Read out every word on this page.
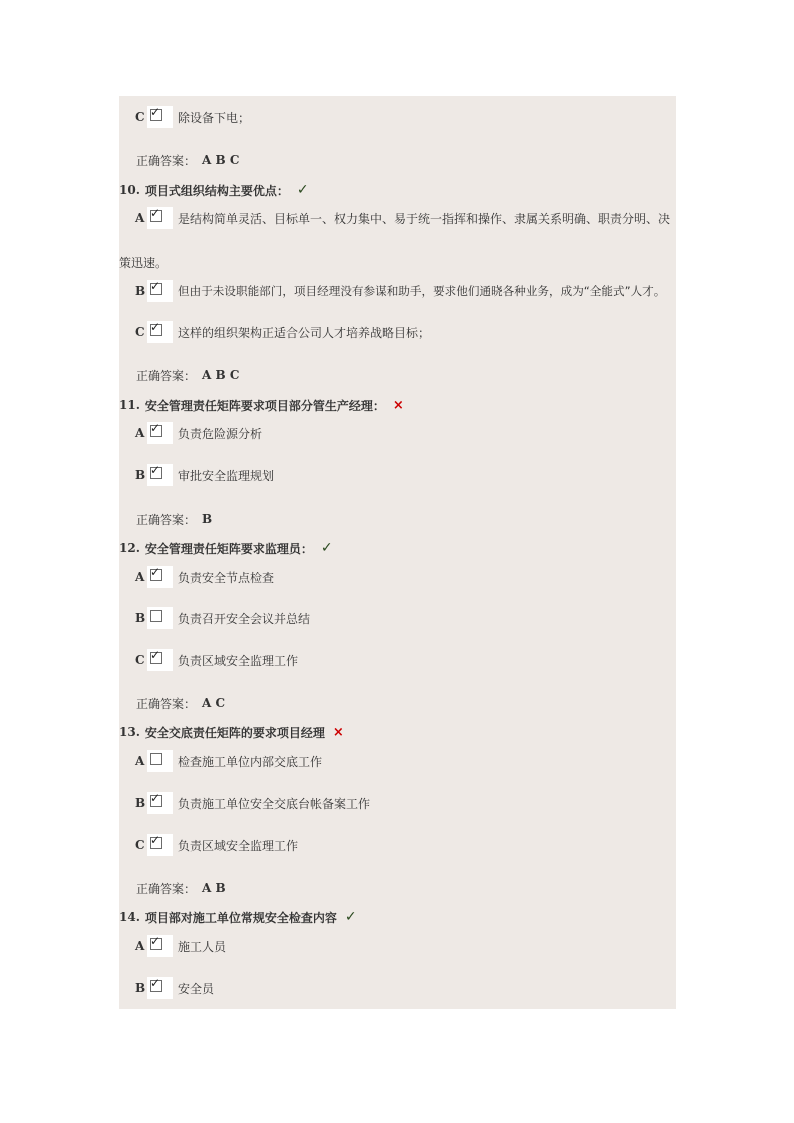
C ✓ 除设备下电；
正确答案： A B C
10. 项目式组织结构主要优点： ✓
A ✓ 是结构简单灵活、目标单一、权力集中、易于统一指挥和操作、隶属关系明确、职责分明、决
策迅速。
B ✓ 但由于未设职能部门，项目经理没有参谋和助手，要求他们通晓各种业务，成为“全能式”人才。
C ✓ 这样的组织架构正适合公司人才培养战略目标；
正确答案： A B C
11. 安全管理责任矩阵要求项目部分管生产经理： ×
A ✓ 负责危险源分析
B ✓ 审批安全监理规划
正确答案： B
12. 安全管理责任矩阵要求监理员： ✓
A ✓ 负责安全节点检查
B	负责召开安全会议并总结
C ✓ 负责区域安全监理工作
正确答案： A C
13. 安全交底责任矩阵的要求项目经理 ×
A	检查施工单位内部交底工作
B ✓ 负责施工单位安全交底台帐备案工作
C ✓ 负责区域安全监理工作
正确答案： A B
14. 项目部对施工单位常规安全检查内容 ✓
A ✓ 施工人员
B ✓ 安全员
